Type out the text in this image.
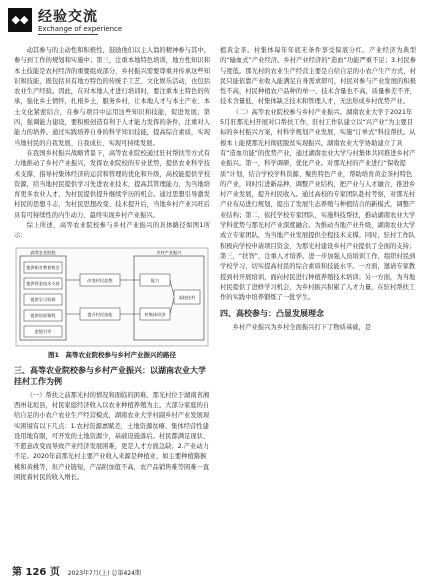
◆◆ 经验交流
Exchange of experience

动其参与的主动性和积极性，鼓励他们以主人翁的精神参与其中，参与到工作的规划和实施中；第三，注重本地特色培训，地方性知识和本土技能是农村经济的重要组成部分，乡村振兴需要尊重并传承这些知识和技能，既包括具有地方特色的传统手工艺、文化娱乐活动，也包括农业生产经验。因此，在对本地人才进行培训时，要注重本土特色的传承，强化乡土情怀，扎根乡土，服务乡村，让本地人才与本土产业、本土文化紧密结合，在参与项目中运用这些知识和技能，促进发展；第四，强调能力建设，要积极创造有利于人才能力发挥的条件，注重对人能力的培养。通过实践培养自身的科学知识技能，提高综合素质，实现当地村民的自我发展、自我成长、实现可持续发展。

在我国乡村振兴战略背景下，高等农业院校通过驻村帮扶等方式有力地推动了乡村产业振兴，发挥农业院校的专业优势，提供农业科学技术支撑，指导村集体经济的运营和管理的优化和升级，高校能提供学校资源，给当地村民提供学习先进农业技术，提高其管理能力，为当地培育更多农业人才，为村民提供提升继续学历的机会。通过思想引导激发村民的思想斗志，为村民思想改变、技术提升后，当地乡村产业兴旺后具有可持续性的内生动力，最终实现乡村产业振兴。

综上所述，高等农业院校参与乡村产业振兴的具体路径如图1所示：

高等农业院校
提供职业教育机会
提供资金技术支持
提供学习资源
提供培训课程
思想引导
改变村民思想
提升村民技能
乡村产业振兴
能力
村集体经济
高校挂村

图1　高等农业院校参与乡村产业振兴的路径

三、高等农业院校参与乡村产业振兴：以湖南农业大学挂村工作为例

（一）帮扶之前那光村的情况和面临的困难。那光村位于湖南省湘西州花垣县，村民家庭经济收入以农业种植养殖为主。大部分家庭的自给自足的小农户农业生产经营模式，湖南农业大学村副乡村产业发展现实困境有以下几点：1.农村资源禀赋差，土地资源贫瘠、集体经营性建设用地有限，可开发的土地资源少，基础设施落后。村民都满足现状、不愿意改变而导致产业经济发展困难，更是人才方面急缺；2.产业动力不足。2020年前那光村主要产业收入来源是种植业，如主要种植猕猴桃和黄桃等，但产业链短，产品附加值不高，农产品销售难等困难一直困扰着村民的收入增长。

植黄金茶。村集体每年年底无条件享受保底分红。产业经济为典型的“输血式”产业经济。乡村产业经济的“造血”功能严重不足；3.村民参与度低。那光村的农业生产经营主要是自给自足的小农户生产方式，村民只能依靠产业收入能满足自身需求即可，村民对参与产业发展的积极性不高，村民种植农户品种的单一、技术含量也不高，质量参差不齐，技术含量低、村集体缺乏技术和管理人才，无法形成乡村优势产业。

（二）高等农业院校参与乡村产业振兴。湖南农业大学于2021年5月驻那光村开展对口帮扶工作，驻村工作队建立以“兴产业”为主要目标的乡村振兴方案，村科学规划产业发展，实施“订单式”科技帮扶。从根本上能使那光村彻底脱贫实现振兴。湖南农业大学协助建立了具有“造血功能”的优势产业，通过湖南农业大学与村集体共同推进乡村产业振兴。第一，科学调研，优化产业。对那光村的产业进行“保收提质”计划，结合学校学科资源、聚焦特色产业，帮助培育黄金茶村特色的产业，同时引进新品种，调整产业结构，把产业与人才融合，推进乡村产业发展，提升村民收入。通过高校的专家团队赴村考察，对那光村产业布局进行规划，提出了发展生态养殖与种植结合的新模式，调整产业结构；第二，依托学校专家团队，实施科技帮扶，推动湖南农业大学学科优势与那光村产业深度融合。为推动当地产业升级，湖南农业大学成立专家团队，为当地产业发展提供全程技术支撑。同时，驻村工作队积极向学校申请项目资金，为那光村建设乡村产业提供了全面的支持；第三，“扶智”，注重人才培养。进一步加强人员培训工作，组织村民到学校学习，切实提高村民的综合素质和技能水平。一方面，邀请专家教授到村开展培训，面向村民进行种植养殖技术培训；另一方面，为当地村民提供了进修学习机会，为乡村振兴积累了人才力量，在驻村帮扶工作的实践中培养锻炼了一批学生。

四、高校参与：凸显发展理念

乡村产业振兴为乡村全面振兴打下了物质基础，是

第 126 页 2023年7月(上) 总第424期
